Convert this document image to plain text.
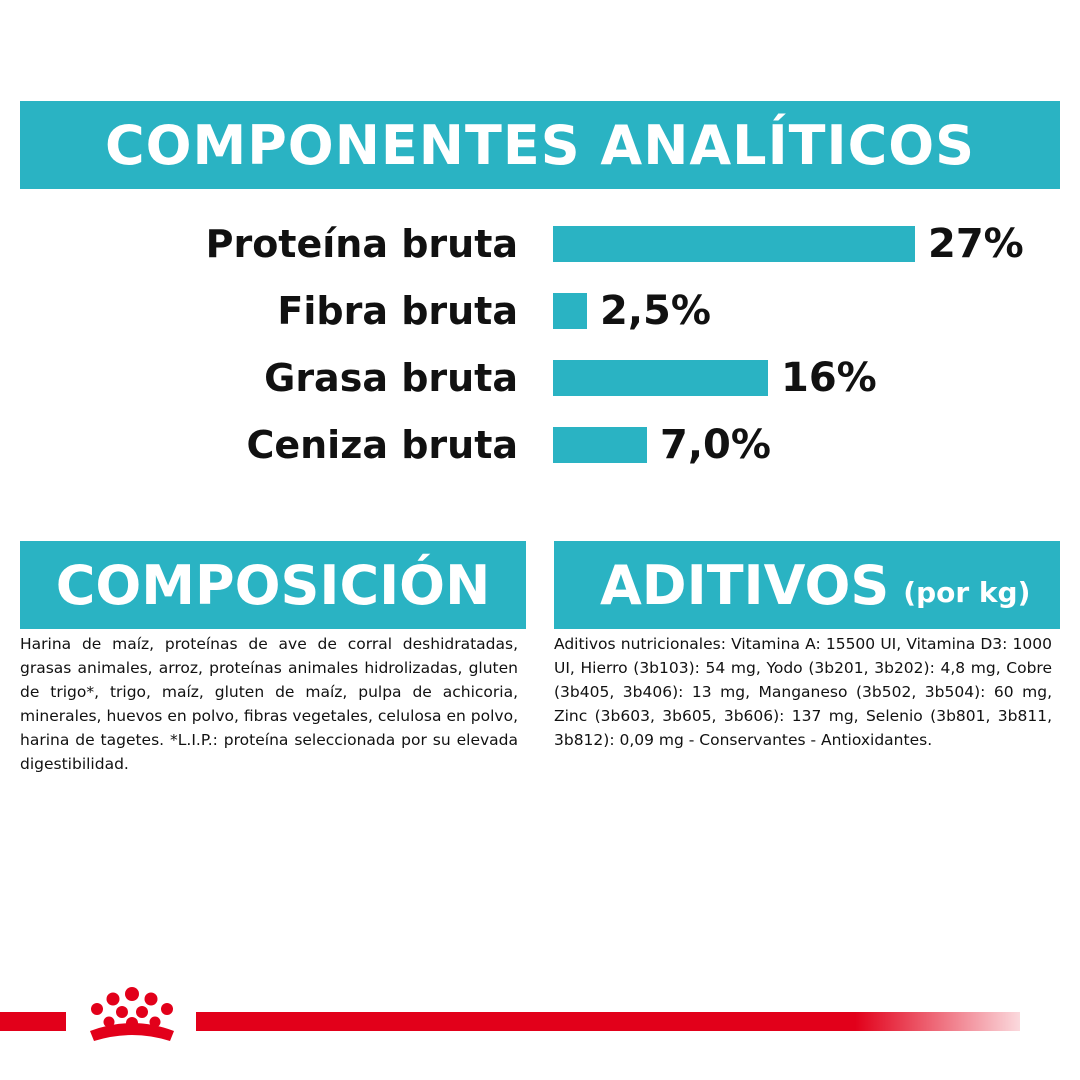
COMPONENTES ANALÍTICOS
Proteína bruta	27%
Fibra bruta 2,5%
Grasa bruta	16%
Ceniza bruta	7,0%
COMPOSICIÓN
Harina de maíz, proteínas de ave de corral deshidratadas, grasas animales, arroz, proteínas animales hidrolizadas, gluten de trigo*, trigo, maíz, gluten de maíz, pulpa de achicoria, minerales, huevos en polvo, fibras vegetales, celulosa en polvo, harina de tagetes. *L.I.P.: proteína seleccionada por su elevada digestibilidad.
ADITIVOS (por kg)
Aditivos nutricionales: Vitamina A: 15500 UI, Vitamina D3: 1000 UI, Hierro (3b103): 54 mg, Yodo (3b201, 3b202): 4,8 mg, Cobre (3b405, 3b406): 13 mg, Manganeso (3b502, 3b504): 60 mg, Zinc (3b603, 3b605, 3b606): 137 mg, Selenio (3b801, 3b811, 3b812): 0,09 mg - Conservantes - Antioxidantes.
